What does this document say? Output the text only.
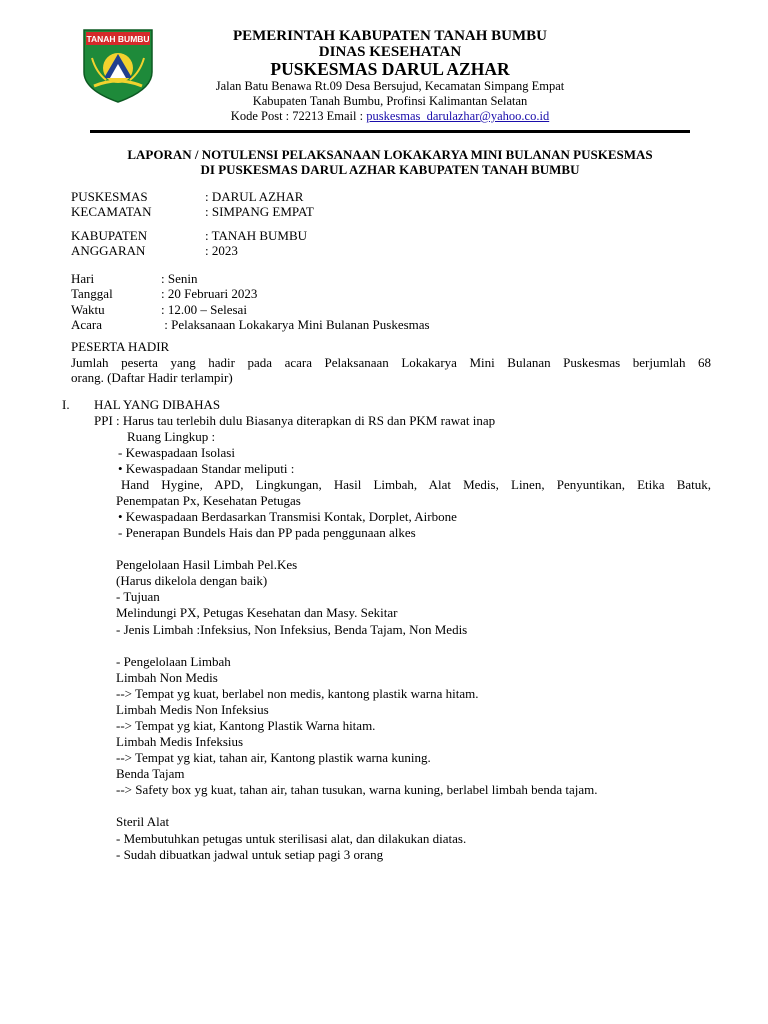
TANAH BUMBU	PEMERINTAH KABUPATEN TANAH BUMBU
DINAS KESEHATAN
PUSKESMAS DARUL AZHAR
Jalan Batu Benawa Rt.09 Desa Bersujud, Kecamatan Simpang Empat
Kabupaten Tanah Bumbu, Profinsi Kalimantan Selatan
Kode Post : 72213 Email : puskesmas_darulazhar@yahoo.co.id
LAPORAN / NOTULENSI PELAKSANAAN LOKAKARYA MINI BULANAN PUSKESMAS
DI PUSKESMAS DARUL AZHAR KABUPATEN TANAH BUMBU
PUSKESMAS	: DARUL AZHAR
KECAMATAN	: SIMPANG EMPAT
KABUPATEN	: TANAH BUMBU
ANGGARAN	: 2023
Hari	: Senin
Tanggal	: 20 Februari 2023
Waktu	: 12.00 – Selesai
Acara	: Pelaksanaan Lokakarya Mini Bulanan Puskesmas
PESERTA HADIR
Jumlah peserta yang hadir pada acara Pelaksanaan Lokakarya Mini Bulanan Puskesmas berjumlah 68
orang. (Daftar Hadir terlampir)
I. HAL YANG DIBAHAS
PPI : Harus tau terlebih dulu Biasanya diterapkan di RS dan PKM rawat inap
Ruang Lingkup :
- Kewaspadaan Isolasi
• Kewaspadaan Standar meliputi :
Hand Hygine, APD, Lingkungan, Hasil Limbah, Alat Medis, Linen, Penyuntikan, Etika Batuk,
Penempatan Px, Kesehatan Petugas
• Kewaspadaan Berdasarkan Transmisi Kontak, Dorplet, Airbone
- Penerapan Bundels Hais dan PP pada penggunaan alkes
Pengelolaan Hasil Limbah Pel.Kes
(Harus dikelola dengan baik)
- Tujuan
Melindungi PX, Petugas Kesehatan dan Masy. Sekitar
- Jenis Limbah :Infeksius, Non Infeksius, Benda Tajam, Non Medis
- Pengelolaan Limbah
Limbah Non Medis
--> Tempat yg kuat, berlabel non medis, kantong plastik warna hitam.
Limbah Medis Non Infeksius
--> Tempat yg kiat, Kantong Plastik Warna hitam.
Limbah Medis Infeksius
--> Tempat yg kiat, tahan air, Kantong plastik warna kuning.
Benda Tajam
--> Safety box yg kuat, tahan air, tahan tusukan, warna kuning, berlabel limbah benda tajam.
Steril Alat
- Membutuhkan petugas untuk sterilisasi alat, dan dilakukan diatas.
- Sudah dibuatkan jadwal untuk setiap pagi 3 orang
